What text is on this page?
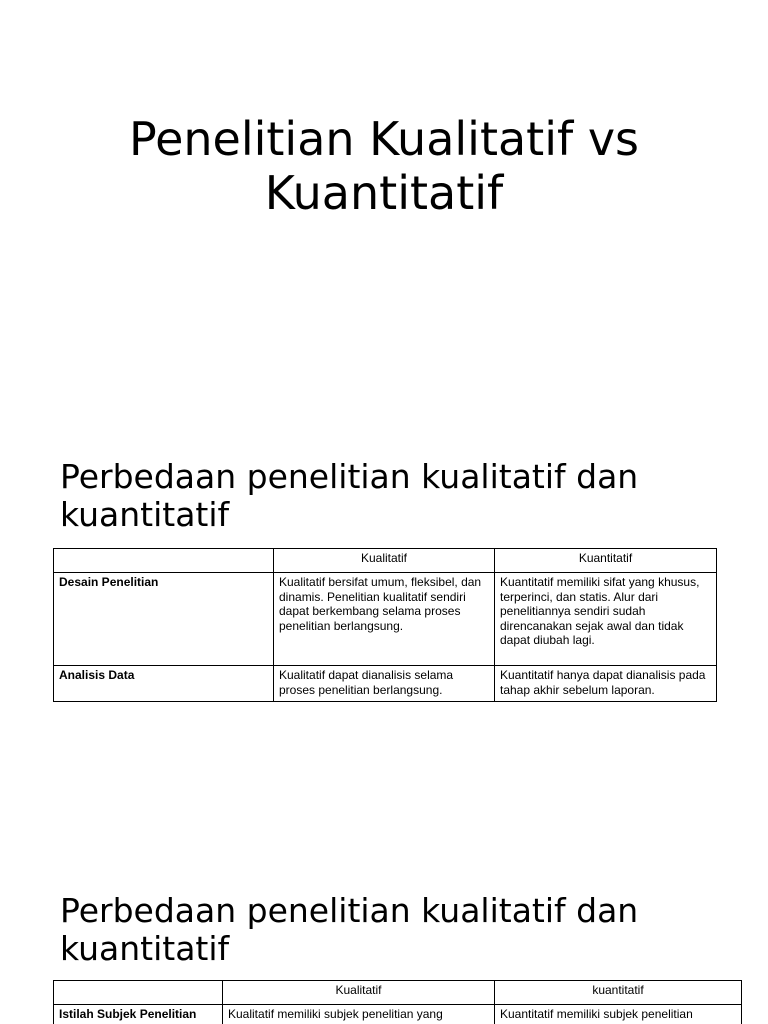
Penelitian Kualitatif vs
Kuantitatif
Perbedaan penelitian kualitatif dan
kuantitatif
	Kualitatif	Kuantitatif
Desain Penelitian	Kualitatif bersifat umum, fleksibel, dan dinamis. Penelitian kualitatif sendiri dapat berkembang selama proses penelitian berlangsung.	Kuantitatif memiliki sifat yang khusus, terperinci, dan statis. Alur dari penelitiannya sendiri sudah direncanakan sejak awal dan tidak dapat diubah lagi.
Analisis Data	Kualitatif dapat dianalisis selama proses penelitian berlangsung.	Kuantitatif hanya dapat dianalisis pada tahap akhir sebelum laporan.
Perbedaan penelitian kualitatif dan
kuantitatif
	Kualitatif	kuantitatif
Istilah Subjek Penelitian	Kualitatif memiliki subjek penelitian yang	Kuantitatif memiliki subjek penelitian
